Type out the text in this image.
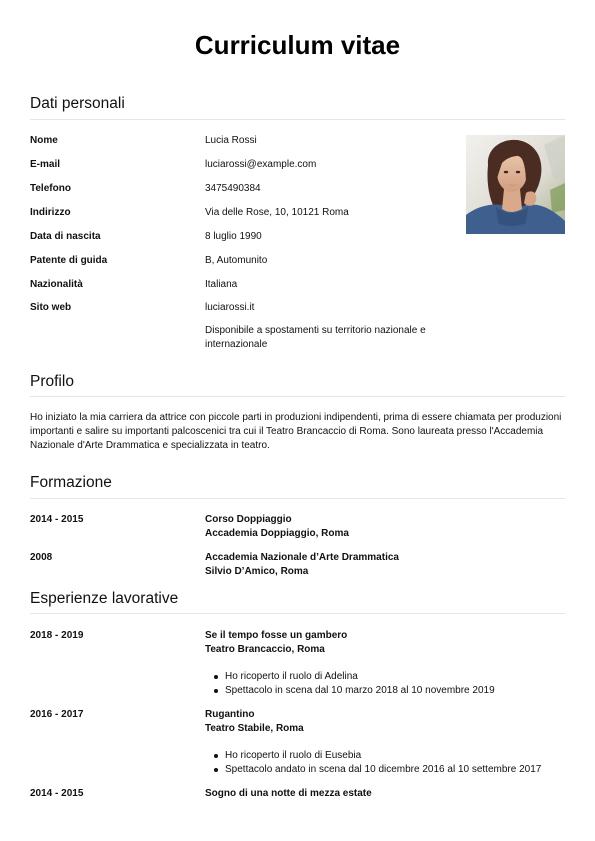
Curriculum vitae
Dati personali
Nome	Lucia Rossi
E-mail	luciarossi@example.com
Telefono	3475490384
Indirizzo	Via delle Rose, 10, 10121 Roma
Data di nascita	8 luglio 1990
Patente di guida	B, Automunito
Nazionalità	Italiana
Sito web	luciarossi.it
Disponibile a spostamenti su territorio nazionale e
internazionale
Profilo
Ho iniziato la mia carriera da attrice con piccole parti in produzioni indipendenti, prima di essere chiamata per produzioni importanti e salire su importanti palcoscenici tra cui il Teatro Brancaccio di Roma. Sono laureata presso l'Accademia Nazionale d'Arte Drammatica e specializzata in teatro.
Formazione
2014 - 2015	Corso Doppiaggio
Accademia Doppiaggio, Roma
2008	Accademia Nazionale d’Arte Drammatica
Silvio D’Amico, Roma
Esperienze lavorative
2018 - 2019	Se il tempo fosse un gambero
Teatro Brancaccio, Roma
Ho ricoperto il ruolo di Adelina
Spettacolo in scena dal 10 marzo 2018 al 10 novembre 2019
2016 - 2017	Rugantino
Teatro Stabile, Roma
Ho ricoperto il ruolo di Eusebia
Spettacolo andato in scena dal 10 dicembre 2016 al 10 settembre 2017
2014 - 2015	Sogno di una notte di mezza estate
